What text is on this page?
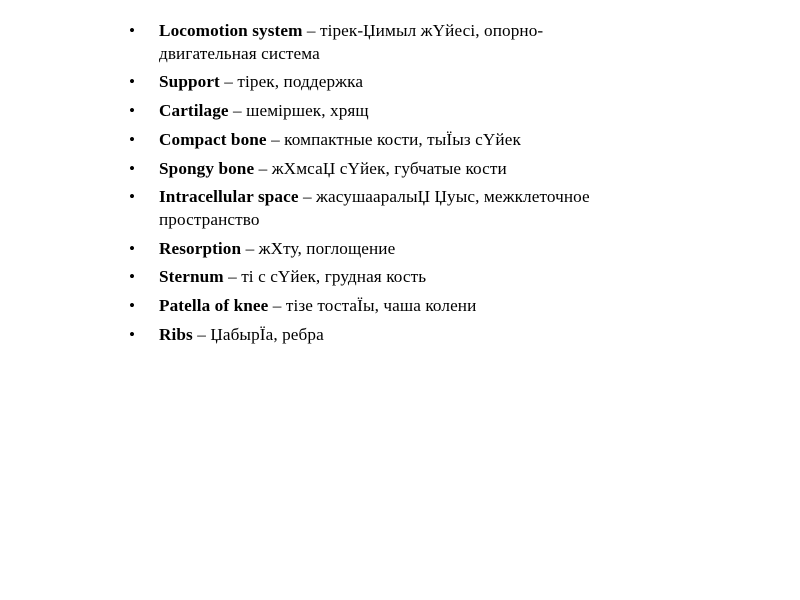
•	Locomotion system – тірек-Џимыл жҮйесі, опорно-двигательная система
•	Support – тірек, поддержка
•	Cartilage – шеміршек, хрящ
•	Compact bone – компактные кости, тыЇыз сҮйек
•	Spongy bone – жХмсаЏ сҮйек, губчатые кости
•	Intracellular space – жасушааралыЏ Џуыс, межклеточное пространство
•	Resorption – жХту, поглощение
•	Sternum – ті с сҮйек, грудная кость
•	Patella of knee – тізе тостаЇы, чаша колени
•	Ribs – ЏабырЇа, ребра
